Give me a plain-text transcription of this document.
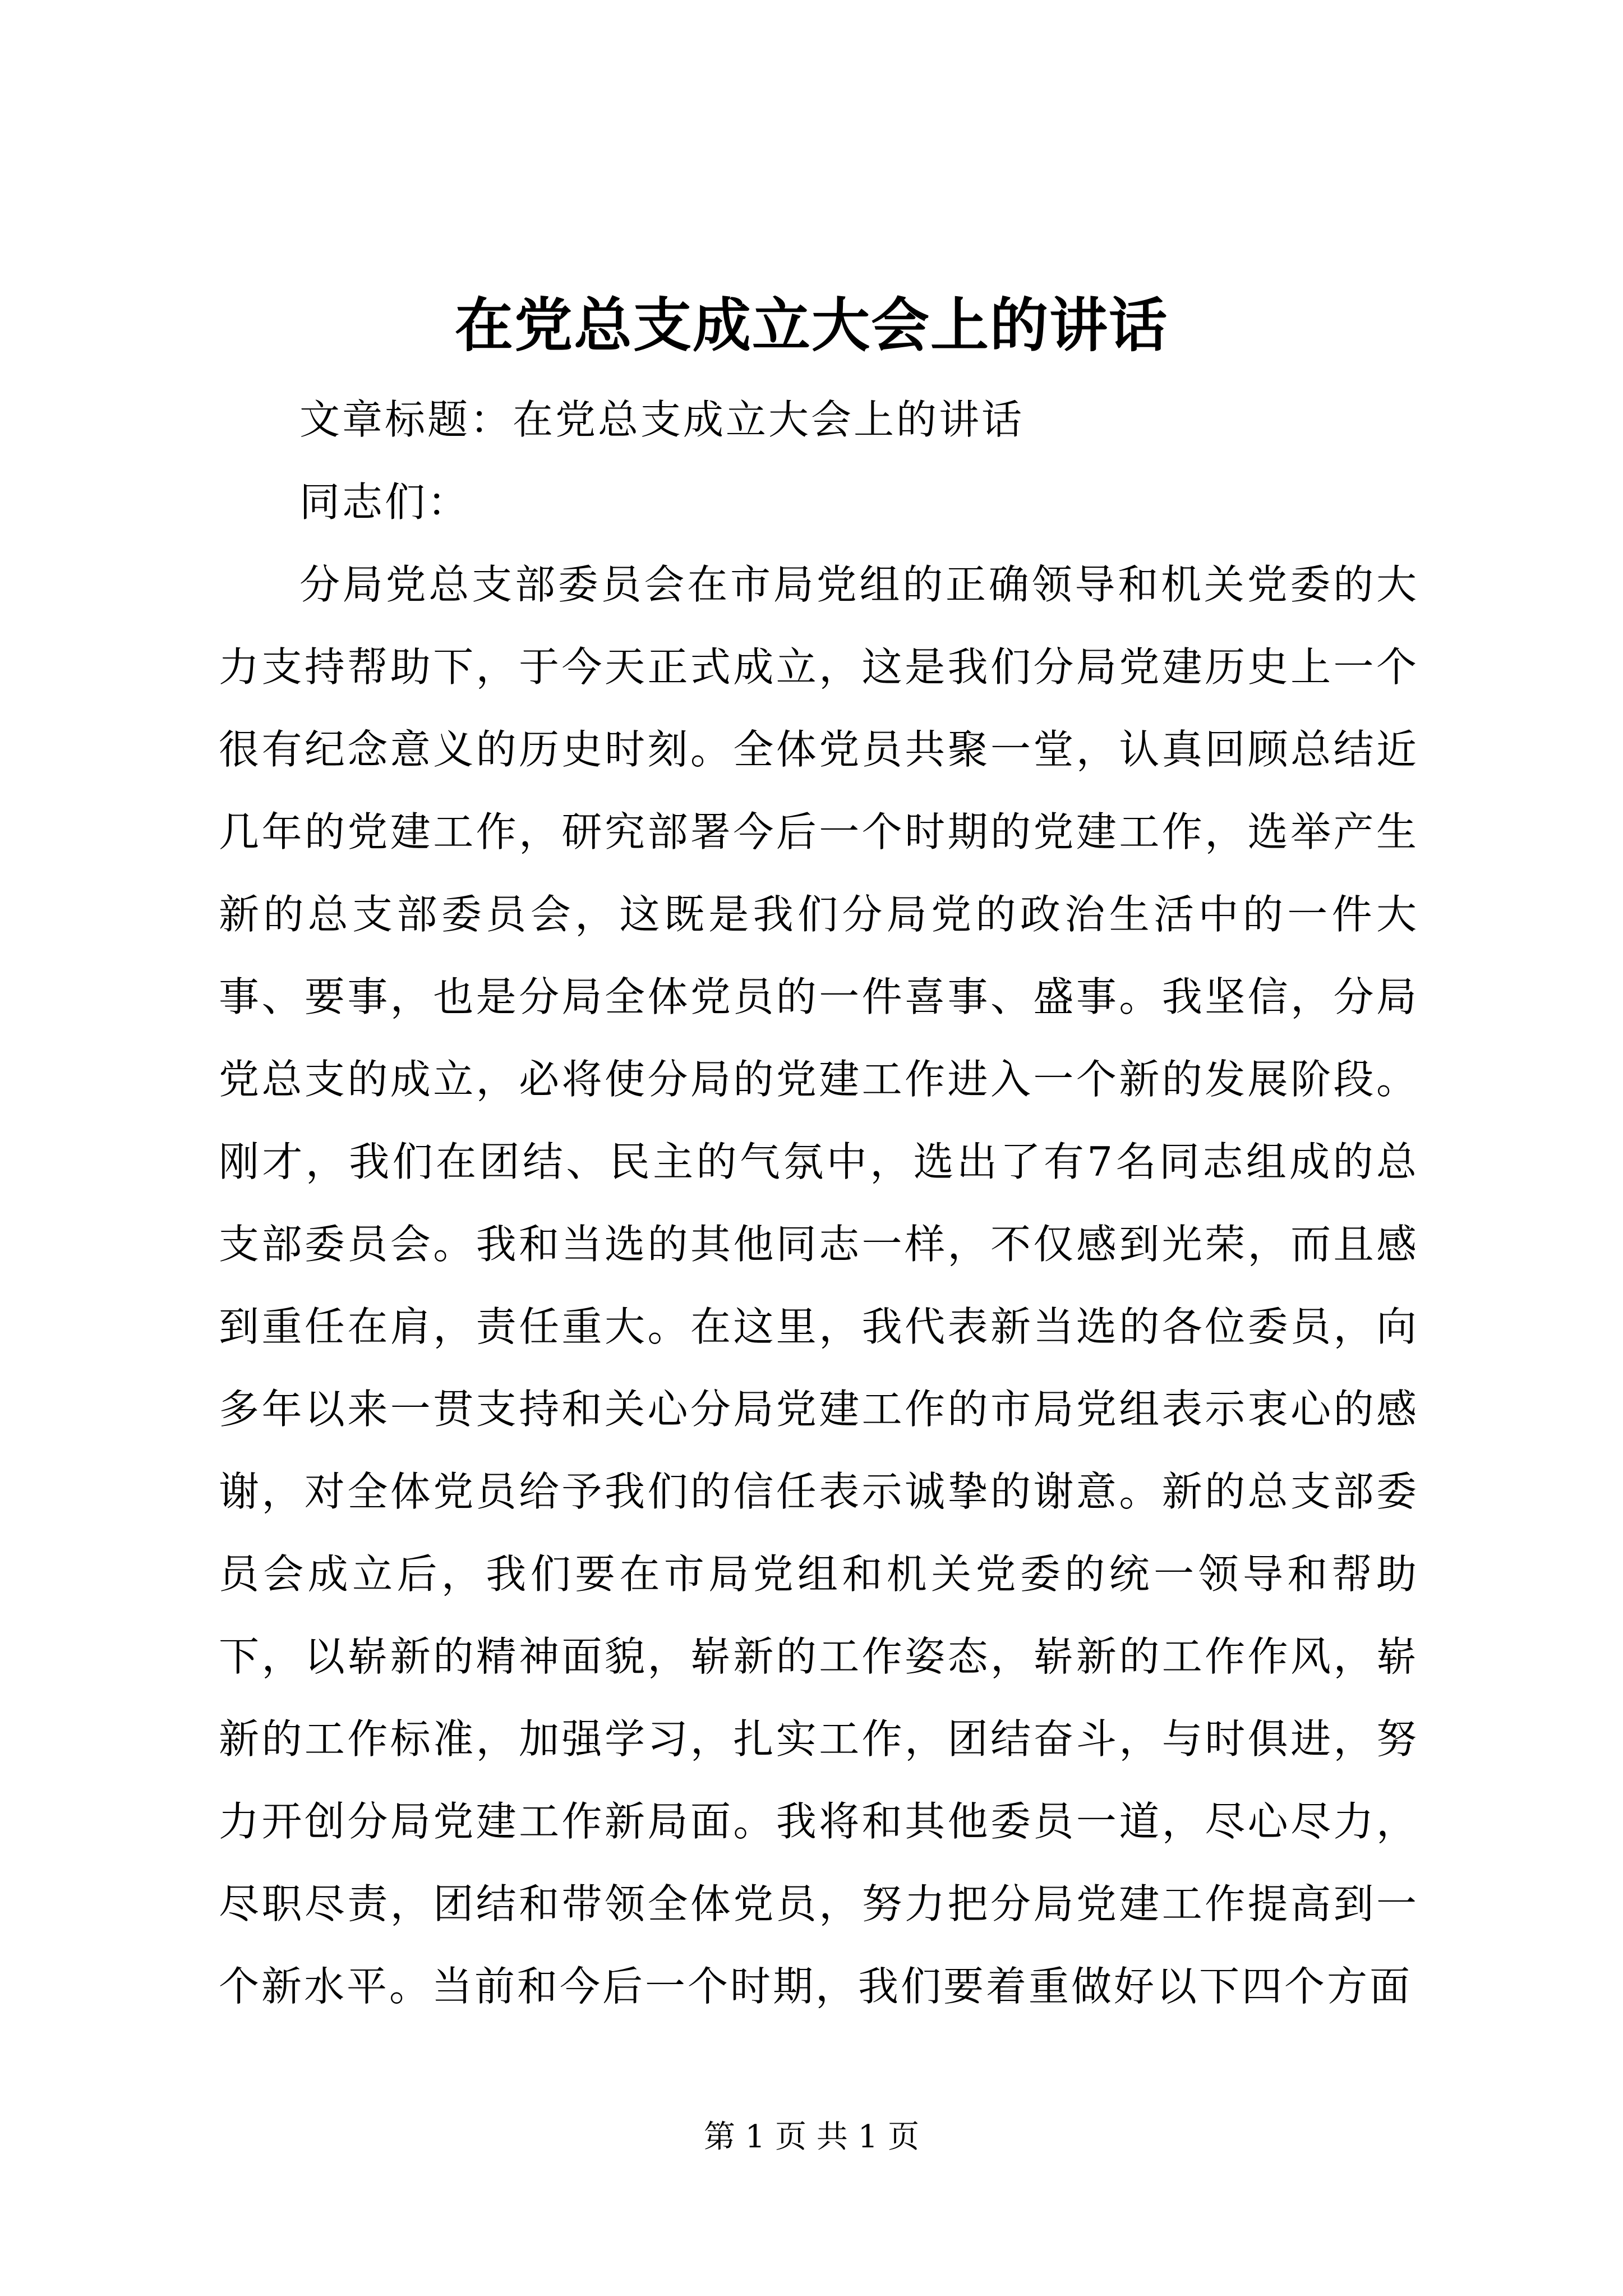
在党总支成立大会上的讲话

文章标题：在党总支成立大会上的讲话

同志们：

分局党总支部委员会在市局党组的正确领导和机关党委的大力支持帮助下，于今天正式成立，这是我们分局党建历史上一个很有纪念意义的历史时刻。全体党员共聚一堂，认真回顾总结近几年的党建工作，研究部署今后一个时期的党建工作，选举产生新的总支部委员会，这既是我们分局党的政治生活中的一件大事、要事，也是分局全体党员的一件喜事、盛事。我坚信，分局党总支的成立，必将使分局的党建工作进入一个新的发展阶段。刚才，我们在团结、民主的气氛中，选出了有7名同志组成的总支部委员会。我和当选的其他同志一样，不仅感到光荣，而且感到重任在肩，责任重大。在这里，我代表新当选的各位委员，向多年以来一贯支持和关心分局党建工作的市局党组表示衷心的感谢，对全体党员给予我们的信任表示诚挚的谢意。新的总支部委员会成立后，我们要在市局党组和机关党委的统一领导和帮助下，以崭新的精神面貌，崭新的工作姿态，崭新的工作作风，崭新的工作标准，加强学习，扎实工作，团结奋斗，与时俱进，努力开创分局党建工作新局面。我将和其他委员一道，尽心尽力，尽职尽责，团结和带领全体党员，努力把分局党建工作提高到一个新水平。当前和今后一个时期，我们要着重做好以下四个方面

第 1 页 共 1 页
